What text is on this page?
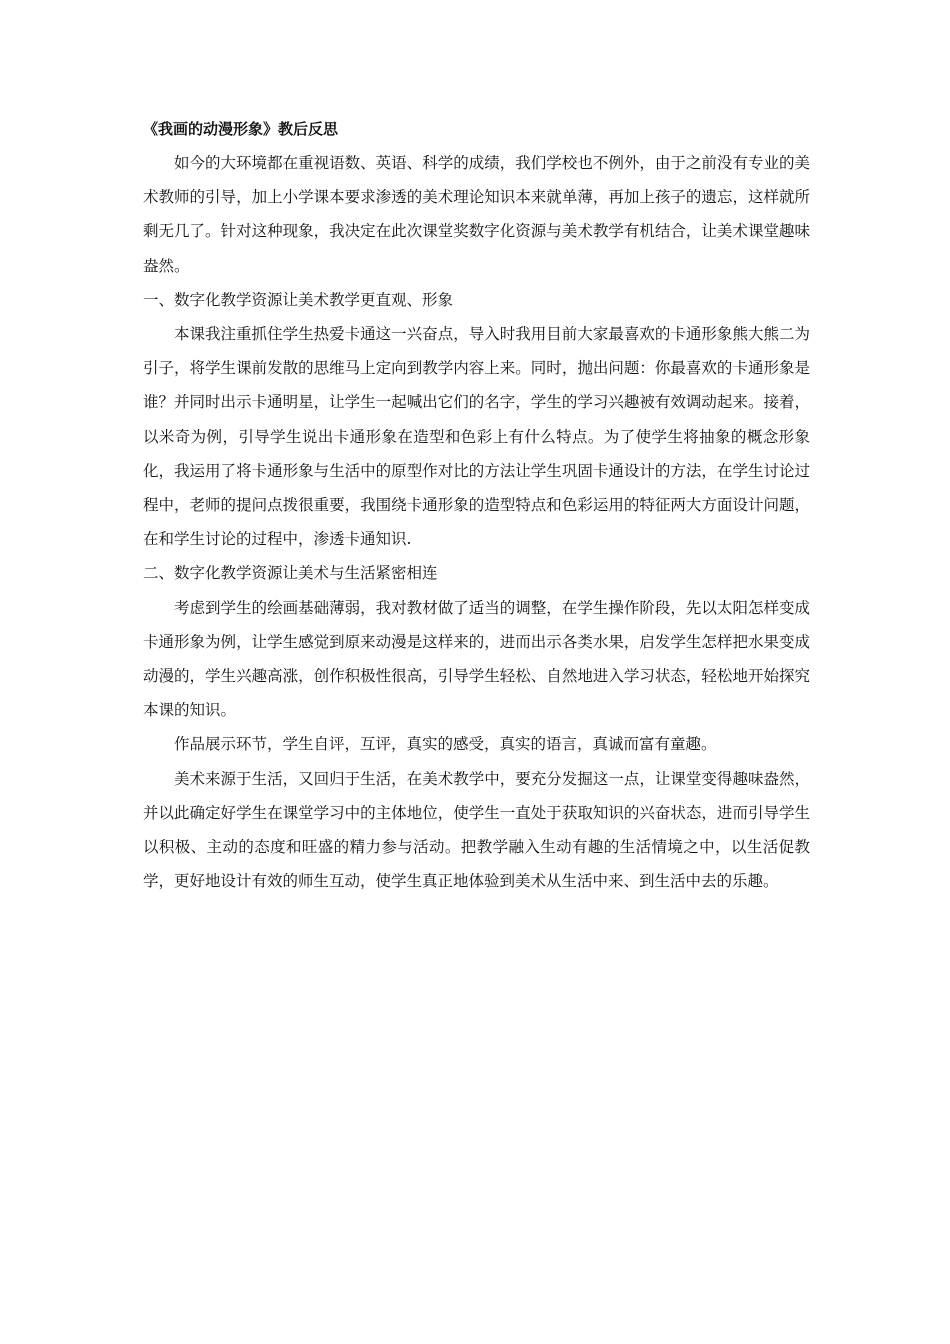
《我画的动漫形象》教后反思

如今的大环境都在重视语数、英语、科学的成绩，我们学校也不例外，由于之前没有专业的美术教师的引导，加上小学课本要求渗透的美术理论知识本来就单薄，再加上孩子的遗忘，这样就所剩无几了。针对这种现象，我决定在此次课堂奖数字化资源与美术教学有机结合，让美术课堂趣味盎然。

一、数字化教学资源让美术教学更直观、形象

本课我注重抓住学生热爱卡通这一兴奋点，导入时我用目前大家最喜欢的卡通形象熊大熊二为引子，将学生课前发散的思维马上定向到教学内容上来。同时，抛出问题：你最喜欢的卡通形象是谁？并同时出示卡通明星，让学生一起喊出它们的名字，学生的学习兴趣被有效调动起来。接着，以米奇为例，引导学生说出卡通形象在造型和色彩上有什么特点。为了使学生将抽象的概念形象化，我运用了将卡通形象与生活中的原型作对比的方法让学生巩固卡通设计的方法，在学生讨论过程中，老师的提问点拨很重要，我围绕卡通形象的造型特点和色彩运用的特征两大方面设计问题，在和学生讨论的过程中，渗透卡通知识.

二、数字化教学资源让美术与生活紧密相连

考虑到学生的绘画基础薄弱，我对教材做了适当的调整，在学生操作阶段，先以太阳怎样变成卡通形象为例，让学生感觉到原来动漫是这样来的，进而出示各类水果，启发学生怎样把水果变成动漫的，学生兴趣高涨，创作积极性很高，引导学生轻松、自然地进入学习状态，轻松地开始探究本课的知识。

作品展示环节，学生自评，互评，真实的感受，真实的语言，真诚而富有童趣。

美术来源于生活，又回归于生活，在美术教学中，要充分发掘这一点，让课堂变得趣味盎然，并以此确定好学生在课堂学习中的主体地位，使学生一直处于获取知识的兴奋状态，进而引导学生以积极、主动的态度和旺盛的精力参与活动。把教学融入生动有趣的生活情境之中，以生活促教学，更好地设计有效的师生互动，使学生真正地体验到美术从生活中来、到生活中去的乐趣。
